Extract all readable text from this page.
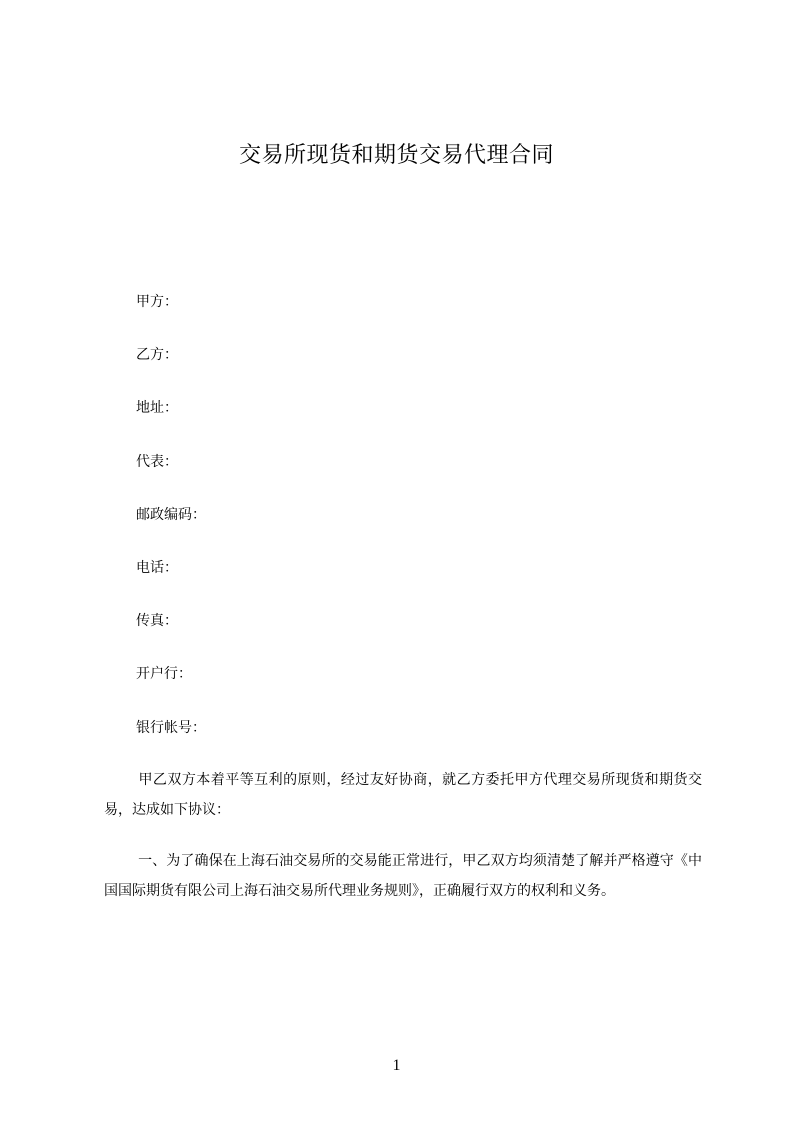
交易所现货和期货交易代理合同
甲方：
乙方：
地址：
代表：
邮政编码：
电话：
传真：
开户行：
银行帐号：
甲乙双方本着平等互利的原则，经过友好协商，就乙方委托甲方代理交易所现货和期货交易，达成如下协议：
一、为了确保在上海石油交易所的交易能正常进行，甲乙双方均须清楚了解并严格遵守《中国国际期货有限公司上海石油交易所代理业务规则》，正确履行双方的权利和义务。
1
